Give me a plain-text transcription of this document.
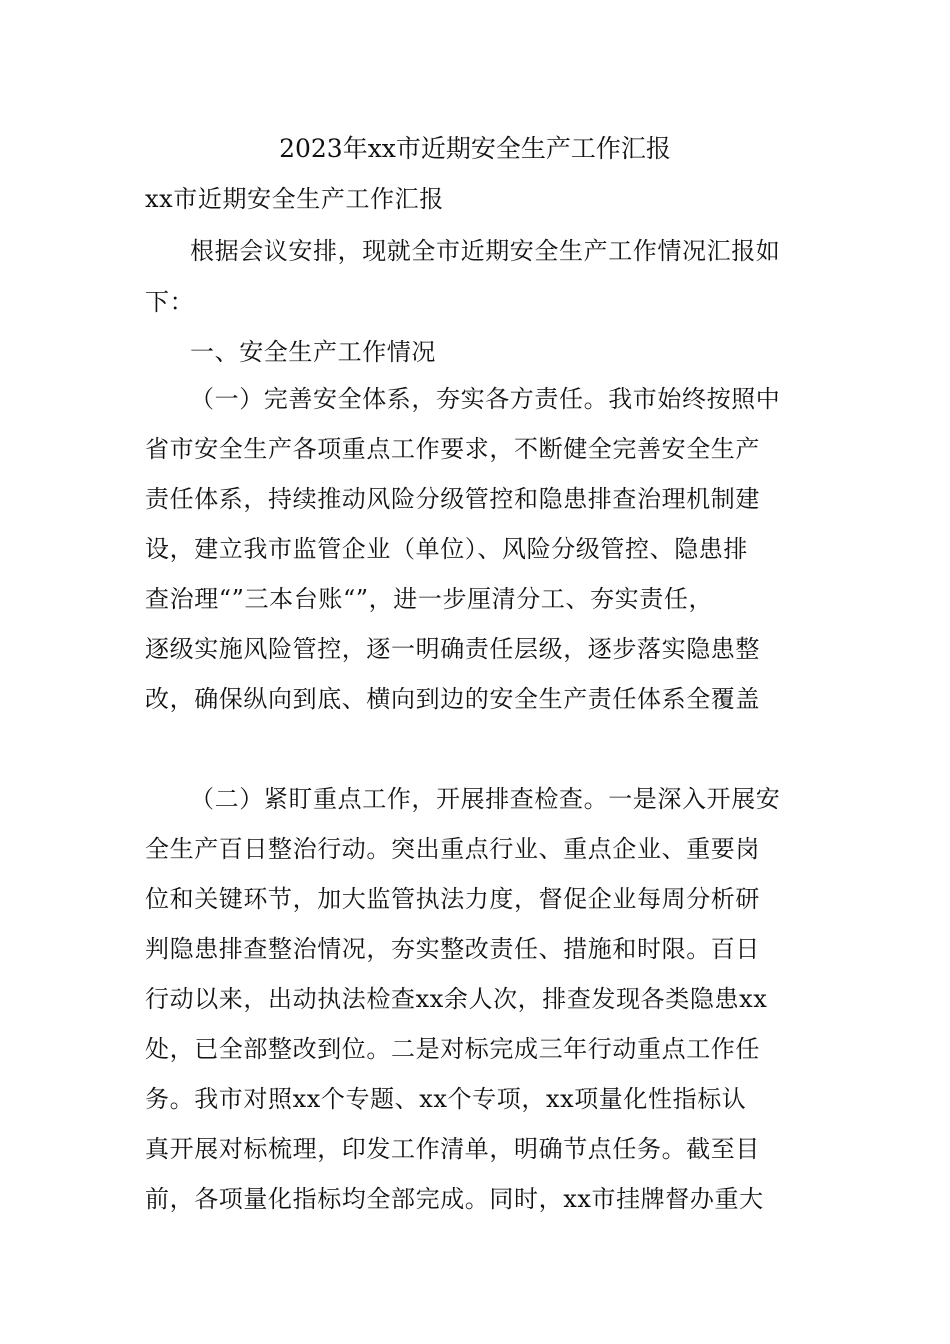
2023年xx市近期安全生产工作汇报
xx市近期安全生产工作汇报
根据会议安排，现就全市近期安全生产工作情况汇报如
下：
一、安全生产工作情况
（一）完善安全体系，夯实各方责任。我市始终按照中
省市安全生产各项重点工作要求，不断健全完善安全生产
责任体系，持续推动风险分级管控和隐患排查治理机制建
设，建立我市监管企业（单位）、风险分级管控、隐患排
查治理“”三本台账“”，进一步厘清分工、夯实责任，
逐级实施风险管控，逐一明确责任层级，逐步落实隐患整
改，确保纵向到底、横向到边的安全生产责任体系全覆盖
（二）紧盯重点工作，开展排查检查。一是深入开展安
全生产百日整治行动。突出重点行业、重点企业、重要岗
位和关键环节，加大监管执法力度，督促企业每周分析研
判隐患排查整治情况，夯实整改责任、措施和时限。百日
行动以来，出动执法检查xx余人次，排查发现各类隐患xx
处，已全部整改到位。二是对标完成三年行动重点工作任
务。我市对照xx个专题、xx个专项，xx项量化性指标认
真开展对标梳理，印发工作清单，明确节点任务。截至目
前，各项量化指标均全部完成。同时，xx市挂牌督办重大
